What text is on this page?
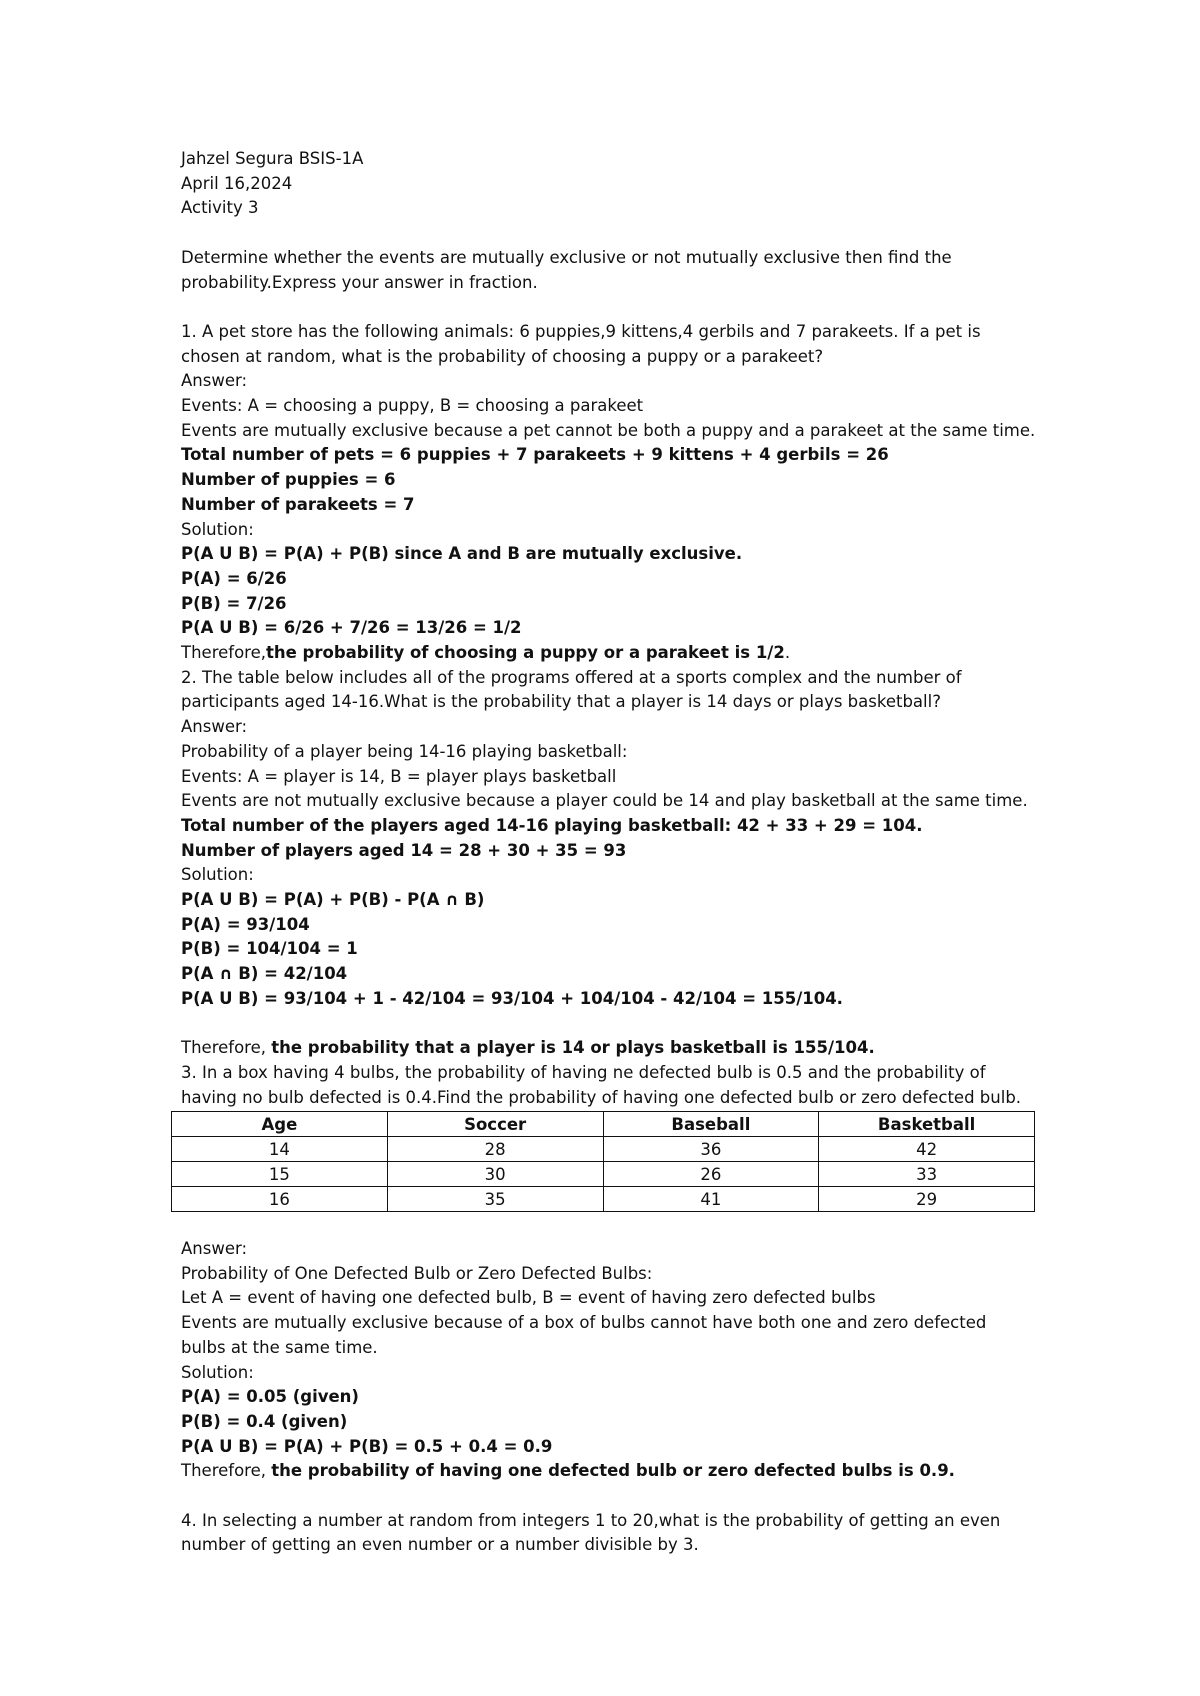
Jahzel Segura BSIS-1A

April 16,2024

Activity 3

Determine whether the events are mutually exclusive or not mutually exclusive then find the

probability.Express your answer in fraction.

1. A pet store has the following animals: 6 puppies,9 kittens,4 gerbils and 7 parakeets. If a pet is

chosen at random, what is the probability of choosing a puppy or a parakeet?

Answer:

Events: A = choosing a puppy, B = choosing a parakeet

Events are mutually exclusive because a pet cannot be both a puppy and a parakeet at the same time.

Total number of pets = 6 puppies + 7 parakeets + 9 kittens + 4 gerbils = 26

Number of puppies = 6

Number of parakeets = 7

Solution:

P(A U B) = P(A) + P(B) since A and B are mutually exclusive.

P(A) = 6/26

P(B) = 7/26

P(A U B) = 6/26 + 7/26 = 13/26 = 1/2

Therefore,the probability of choosing a puppy or a parakeet is 1/2.

2. The table below includes all of the programs offered at a sports complex and the number of

participants aged 14-16.What is the probability that a player is 14 days or plays basketball?

Answer:

Probability of a player being 14-16 playing basketball:

Events: A = player is 14, B = player plays basketball

Events are not mutually exclusive because a player could be 14 and play basketball at the same time.

Total number of the players aged 14-16 playing basketball: 42 + 33 + 29 = 104.

Number of players aged 14 = 28 + 30 + 35 = 93

Solution:

P(A U B) = P(A) + P(B) - P(A ∩ B)

P(A) = 93/104

P(B) = 104/104 = 1

P(A ∩ B) = 42/104

P(A U B) = 93/104 + 1 - 42/104 = 93/104 + 104/104 - 42/104 = 155/104.

Therefore, the probability that a player is 14 or plays basketball is 155/104.

3. In a box having 4 bulbs, the probability of having ne defected bulb is 0.5 and the probability of

having no bulb defected is 0.4.Find the probability of having one defected bulb or zero defected bulb.

Age	Soccer	Baseball	Basketball
14	28	36	42
15	30	26	33
16	35	41	29

Answer:

Probability of One Defected Bulb or Zero Defected Bulbs:

Let A = event of having one defected bulb, B = event of having zero defected bulbs

Events are mutually exclusive because of a box of bulbs cannot have both one and zero defected

bulbs at the same time.

Solution:

P(A) = 0.05 (given)

P(B) = 0.4 (given)

P(A U B) = P(A) + P(B) = 0.5 + 0.4 = 0.9

Therefore, the probability of having one defected bulb or zero defected bulbs is 0.9.

4. In selecting a number at random from integers 1 to 20,what is the probability of getting an even

number of getting an even number or a number divisible by 3.
